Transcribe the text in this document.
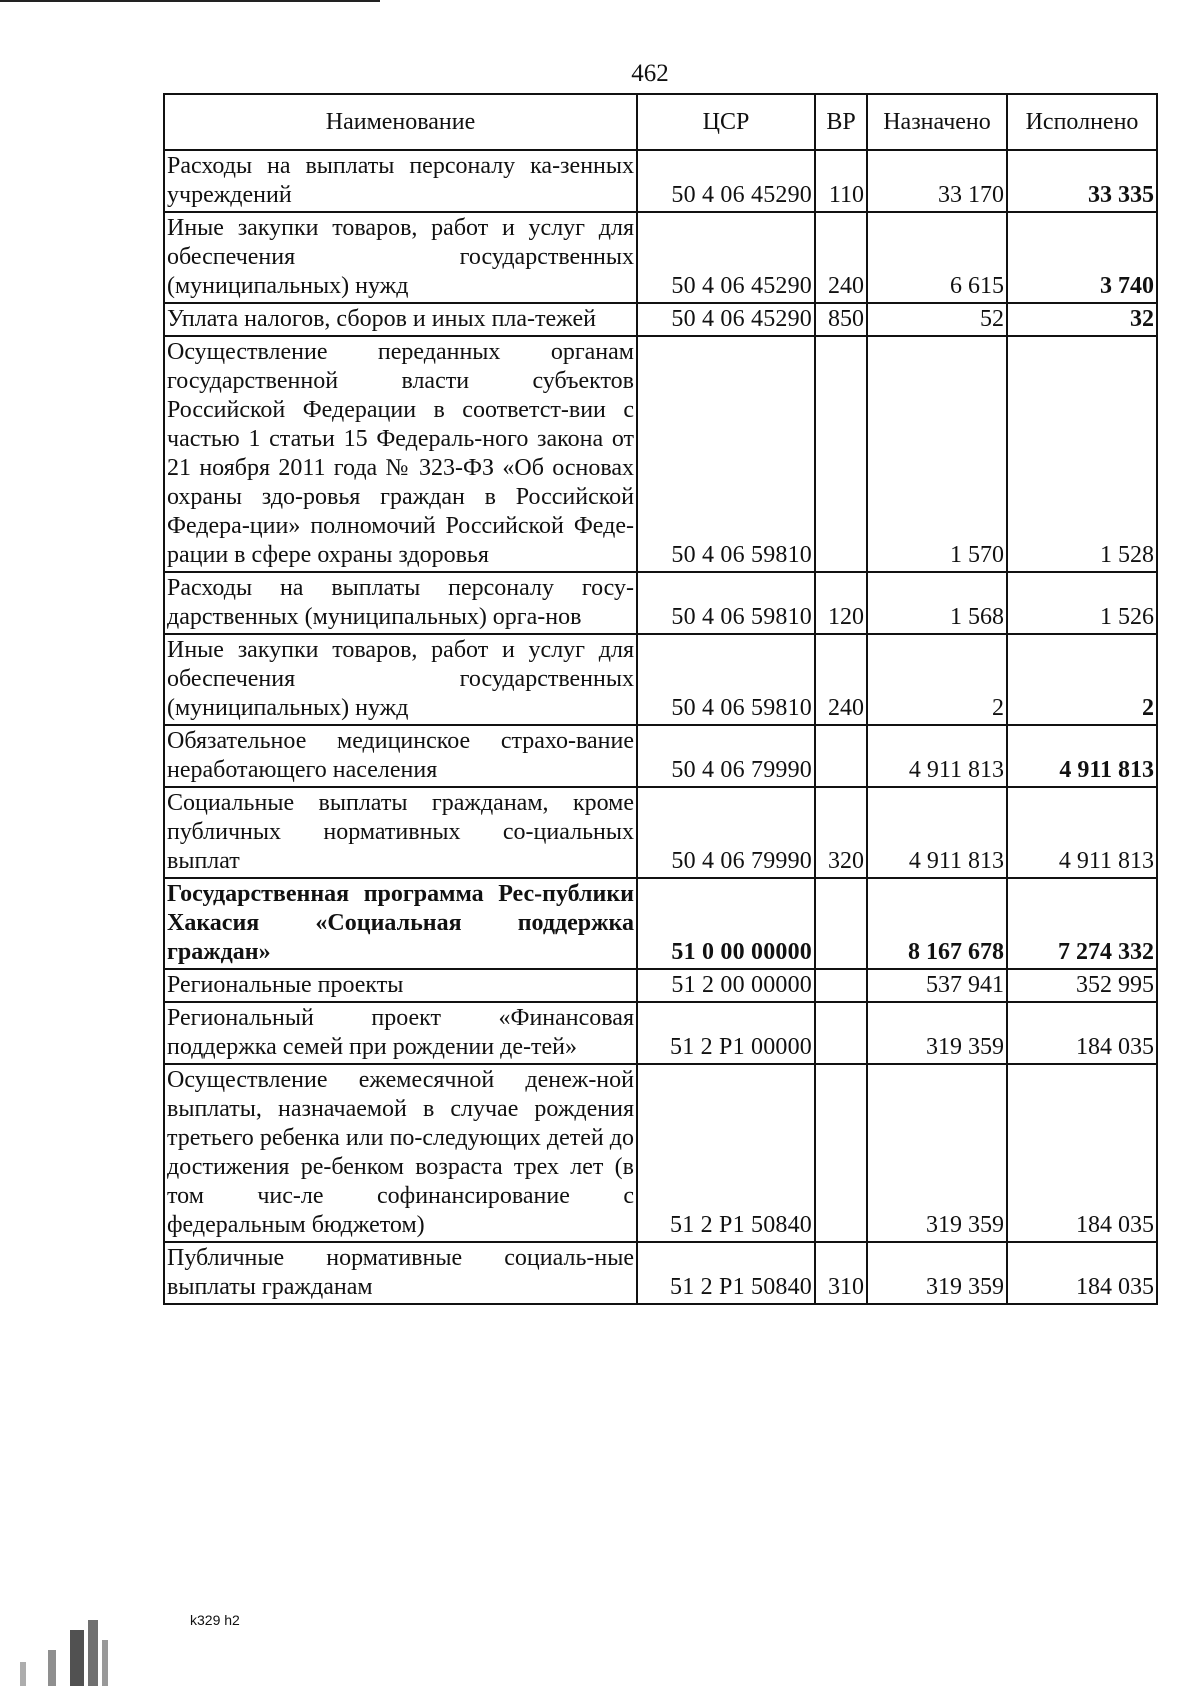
462
Наименование	ЦСР	ВР	Назначено	Исполнено
Расходы на выплаты персоналу ка-зенных учреждений	50 4 06 45290	110	33 170	33 335
Иные закупки товаров, работ и услуг для обеспечения государственных (муниципальных) нужд	50 4 06 45290	240	6 615	3 740
Уплата налогов, сборов и иных пла-тежей	50 4 06 45290	850	52	32
Осуществление переданных органам государственной власти субъектов Российской Федерации в соответст-вии с частью 1 статьи 15 Федераль-ного закона от 21 ноября 2011 года № 323-ФЗ «Об основах охраны здо-ровья граждан в Российской Федера-ции» полномочий Российской Феде-рации в сфере охраны здоровья	50 4 06 59810		1 570	1 528
Расходы на выплаты персоналу госу-дарственных (муниципальных) орга-нов	50 4 06 59810	120	1 568	1 526
Иные закупки товаров, работ и услуг для обеспечения государственных (муниципальных) нужд	50 4 06 59810	240	2	2
Обязательное медицинское страхо-вание неработающего населения	50 4 06 79990		4 911 813	4 911 813
Социальные выплаты гражданам, кроме публичных нормативных со-циальных выплат	50 4 06 79990	320	4 911 813	4 911 813
Государственная программа Рес-публики Хакасия «Социальная поддержка граждан»	51 0 00 00000		8 167 678	7 274 332
Региональные проекты	51 2 00 00000		537 941	352 995
Региональный проект «Финансовая поддержка семей при рождении де-тей»	51 2 P1 00000		319 359	184 035
Осуществление ежемесячной денеж-ной выплаты, назначаемой в случае рождения третьего ребенка или по-следующих детей до достижения ре-бенком возраста трех лет (в том чис-ле софинансирование с федеральным бюджетом)	51 2 P1 50840		319 359	184 035
Публичные нормативные социаль-ные выплаты гражданам	51 2 P1 50840	310	319 359	184 035
k329 h2
